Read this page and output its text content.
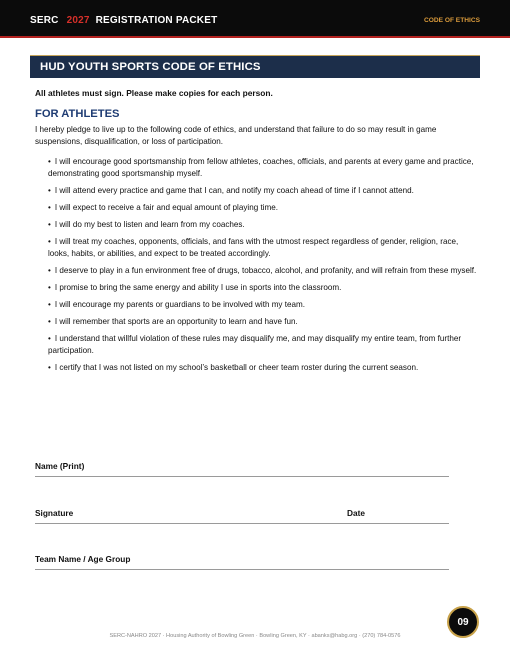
SERC 2027 REGISTRATION PACKET	CODE OF ETHICS
HUD YOUTH SPORTS CODE OF ETHICS
All athletes must sign. Please make copies for each person.
FOR ATHLETES
I hereby pledge to live up to the following code of ethics, and understand that failure to do so may result in game suspensions, disqualification, or loss of participation.
• I will encourage good sportsmanship from fellow athletes, coaches, officials, and parents at every game and practice, demonstrating good sportsmanship myself.
• I will attend every practice and game that I can, and notify my coach ahead of time if I cannot attend.
• I will expect to receive a fair and equal amount of playing time.
• I will do my best to listen and learn from my coaches.
• I will treat my coaches, opponents, officials, and fans with the utmost respect regardless of gender, religion, race, looks, habits, or abilities, and expect to be treated accordingly.
• I deserve to play in a fun environment free of drugs, tobacco, alcohol, and profanity, and will refrain from these myself.
• I promise to bring the same energy and ability I use in sports into the classroom.
• I will encourage my parents or guardians to be involved with my team.
• I will remember that sports are an opportunity to learn and have fun.
• I understand that willful violation of these rules may disqualify me, and may disqualify my entire team, from further participation.
• I certify that I was not listed on my school’s basketball or cheer team roster during the current season.
Name (Print)
Signature	Date
Team Name / Age Group
SERC-NAHRO 2027 · Housing Authority of Bowling Green · Bowling Green, KY · abanks@habg.org · (270) 784-0576
09
